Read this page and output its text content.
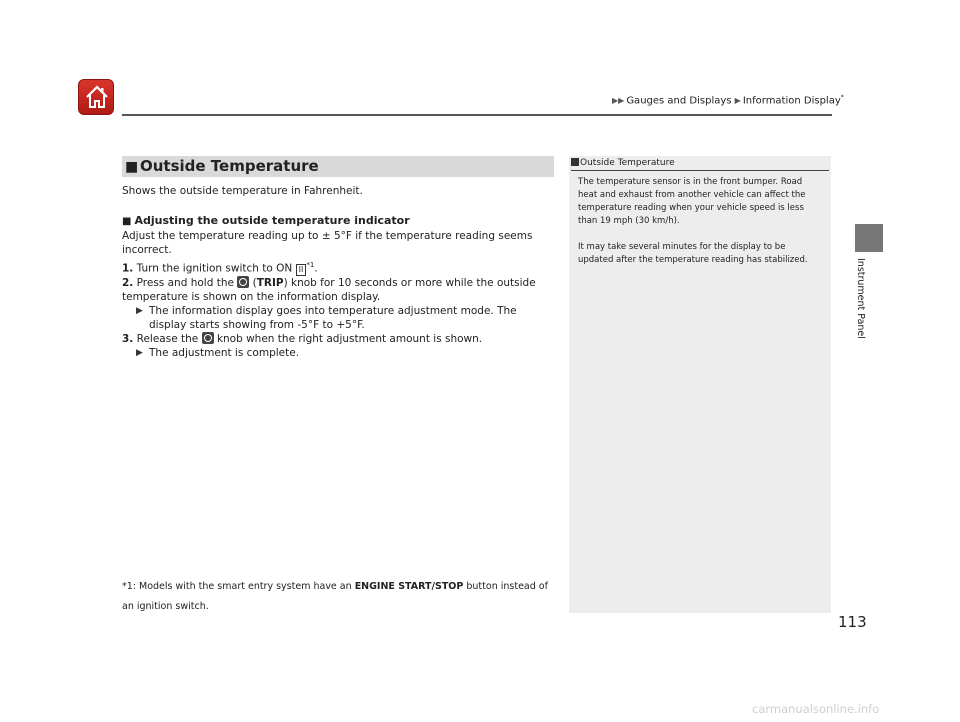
▶▶ Gauges and Displays ▶ Information Display*
Instrument Panel
■ Outside Temperature
Shows the outside temperature in Fahrenheit.
■ Adjusting the outside temperature indicator
Adjust the temperature reading up to ± 5°F if the temperature reading seems incorrect.
1. Turn the ignition switch to ON II $^{*1}$.
2. Press and hold the  (TRIP) knob for 10 seconds or more while the outside temperature is shown on the information display.
▶ The information display goes into temperature adjustment mode. The display starts showing from -5°F to +5°F.
3. Release the knob when the right adjustment amount is shown.
▶ The adjustment is complete.
*1: Models with the smart entry system have an ENGINE START/STOP button instead of an ignition switch.
Outside Temperature

The temperature sensor is in the front bumper. Road heat and exhaust from another vehicle can affect the temperature reading when your vehicle speed is less than 19 mph (30 km/h).

It may take several minutes for the display to be updated after the temperature reading has stabilized.

113
carmanualsonline.info
